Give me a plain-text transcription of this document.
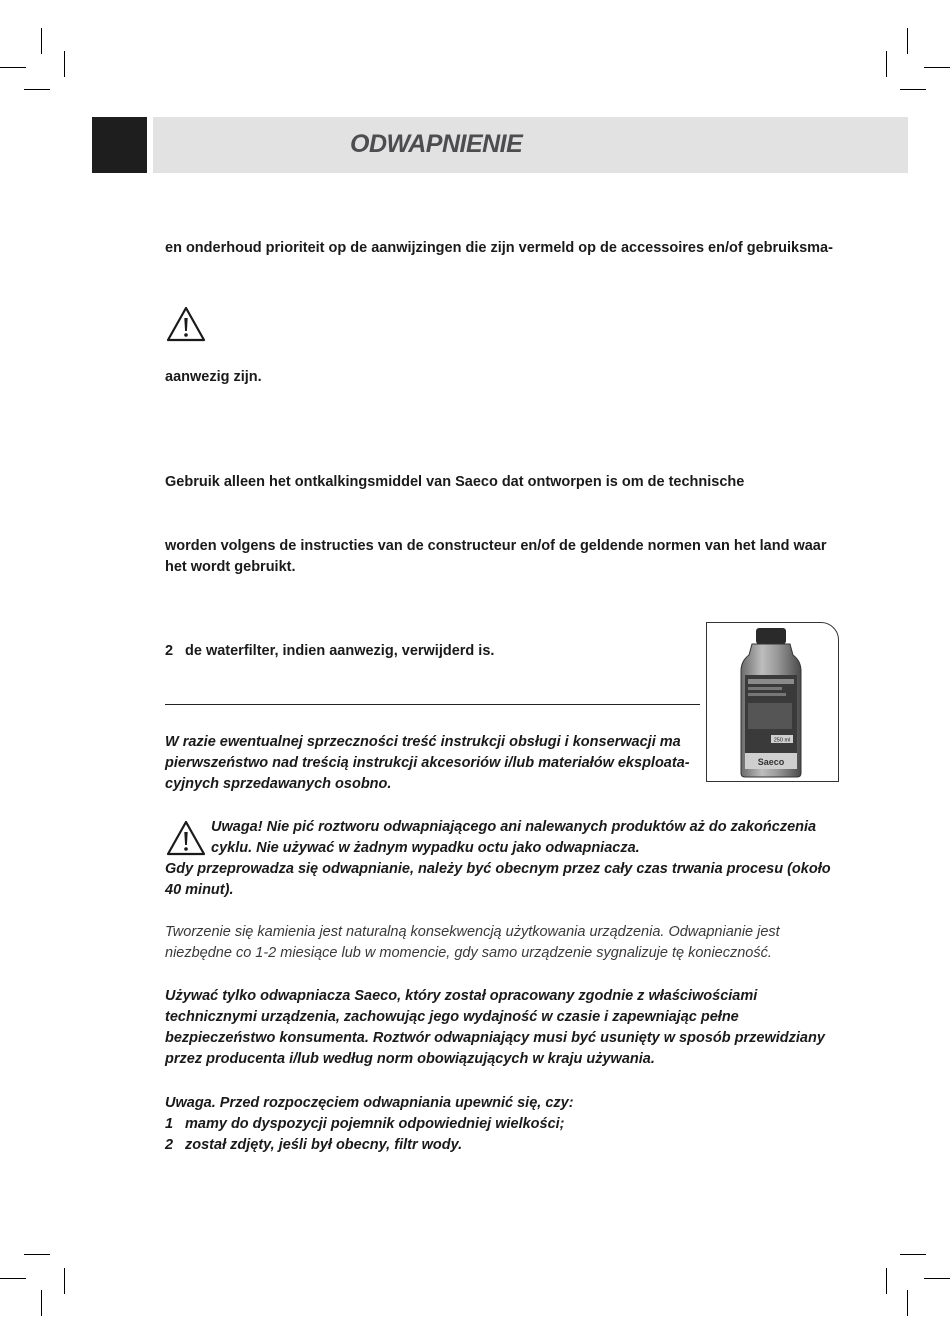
ODWAPNIENIE
en onderhoud prioriteit op de aanwijzingen die zijn vermeld op de accessoires en/of gebruiksma-
aanwezig zijn.
Gebruik alleen het ontkalkingsmiddel van Saeco dat ontworpen is om de technische
worden volgens de instructies van de constructeur en/of de geldende normen van het land waar
het wordt gebruikt.
2 de waterfilter, indien aanwezig, verwijderd is.
250 ml
Saeco
W razie ewentualnej sprzeczności treść instrukcji obsługi i konserwacji ma
pierwszeństwo nad treścią instrukcji akcesoriów i/lub materiałów eksploata-
cyjnych sprzedawanych osobno.
Uwaga! Nie pić roztworu odwapniającego ani nalewanych produktów aż do zakończenia
cyklu. Nie używać w żadnym wypadku octu jako odwapniacza.
Gdy przeprowadza się odwapnianie, należy być obecnym przez cały czas trwania procesu (około
40 minut).
Tworzenie się kamienia jest naturalną konsekwencją użytkowania urządzenia. Odwapnianie jest
niezbędne co 1-2 miesiące lub w momencie, gdy samo urządzenie sygnalizuje tę konieczność.
Używać tylko odwapniacza Saeco, który został opracowany zgodnie z właściwościami
technicznymi urządzenia, zachowując jego wydajność w czasie i zapewniając pełne
bezpieczeństwo konsumenta. Roztwór odwapniający musi być usunięty w sposób przewidziany
przez producenta i/lub według norm obowiązujących w kraju używania.
Uwaga. Przed rozpoczęciem odwapniania upewnić się, czy:
1 mamy do dyspozycji pojemnik odpowiedniej wielkości;
2 został zdjęty, jeśli był obecny, filtr wody.
